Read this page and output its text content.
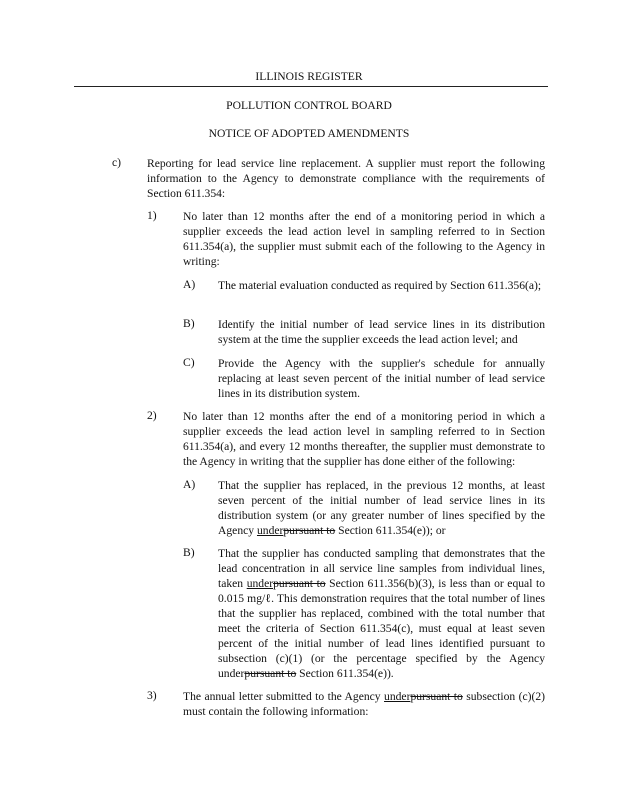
ILLINOIS REGISTER
POLLUTION CONTROL BOARD
NOTICE OF ADOPTED AMENDMENTS
c) Reporting for lead service line replacement. A supplier must report the following information to the Agency to demonstrate compliance with the requirements of Section 611.354:
1) No later than 12 months after the end of a monitoring period in which a supplier exceeds the lead action level in sampling referred to in Section 611.354(a), the supplier must submit each of the following to the Agency in writing:
A) The material evaluation conducted as required by Section 611.356(a);
B) Identify the initial number of lead service lines in its distribution system at the time the supplier exceeds the lead action level; and
C) Provide the Agency with the supplier's schedule for annually replacing at least seven percent of the initial number of lead service lines in its distribution system.
2) No later than 12 months after the end of a monitoring period in which a supplier exceeds the lead action level in sampling referred to in Section 611.354(a), and every 12 months thereafter, the supplier must demonstrate to the Agency in writing that the supplier has done either of the following:
A) That the supplier has replaced, in the previous 12 months, at least seven percent of the initial number of lead service lines in its distribution system (or any greater number of lines specified by the Agency underpursuant to Section 611.354(e)); or
B) That the supplier has conducted sampling that demonstrates that the lead concentration in all service line samples from individual lines, taken underpursuant to Section 611.356(b)(3), is less than or equal to 0.015 mg/ℓ. This demonstration requires that the total number of lines that the supplier has replaced, combined with the total number that meet the criteria of Section 611.354(c), must equal at least seven percent of the initial number of lead lines identified pursuant to subsection (c)(1) (or the percentage specified by the Agency underpursuant to Section 611.354(e)).
3) The annual letter submitted to the Agency underpursuant to subsection (c)(2) must contain the following information:
